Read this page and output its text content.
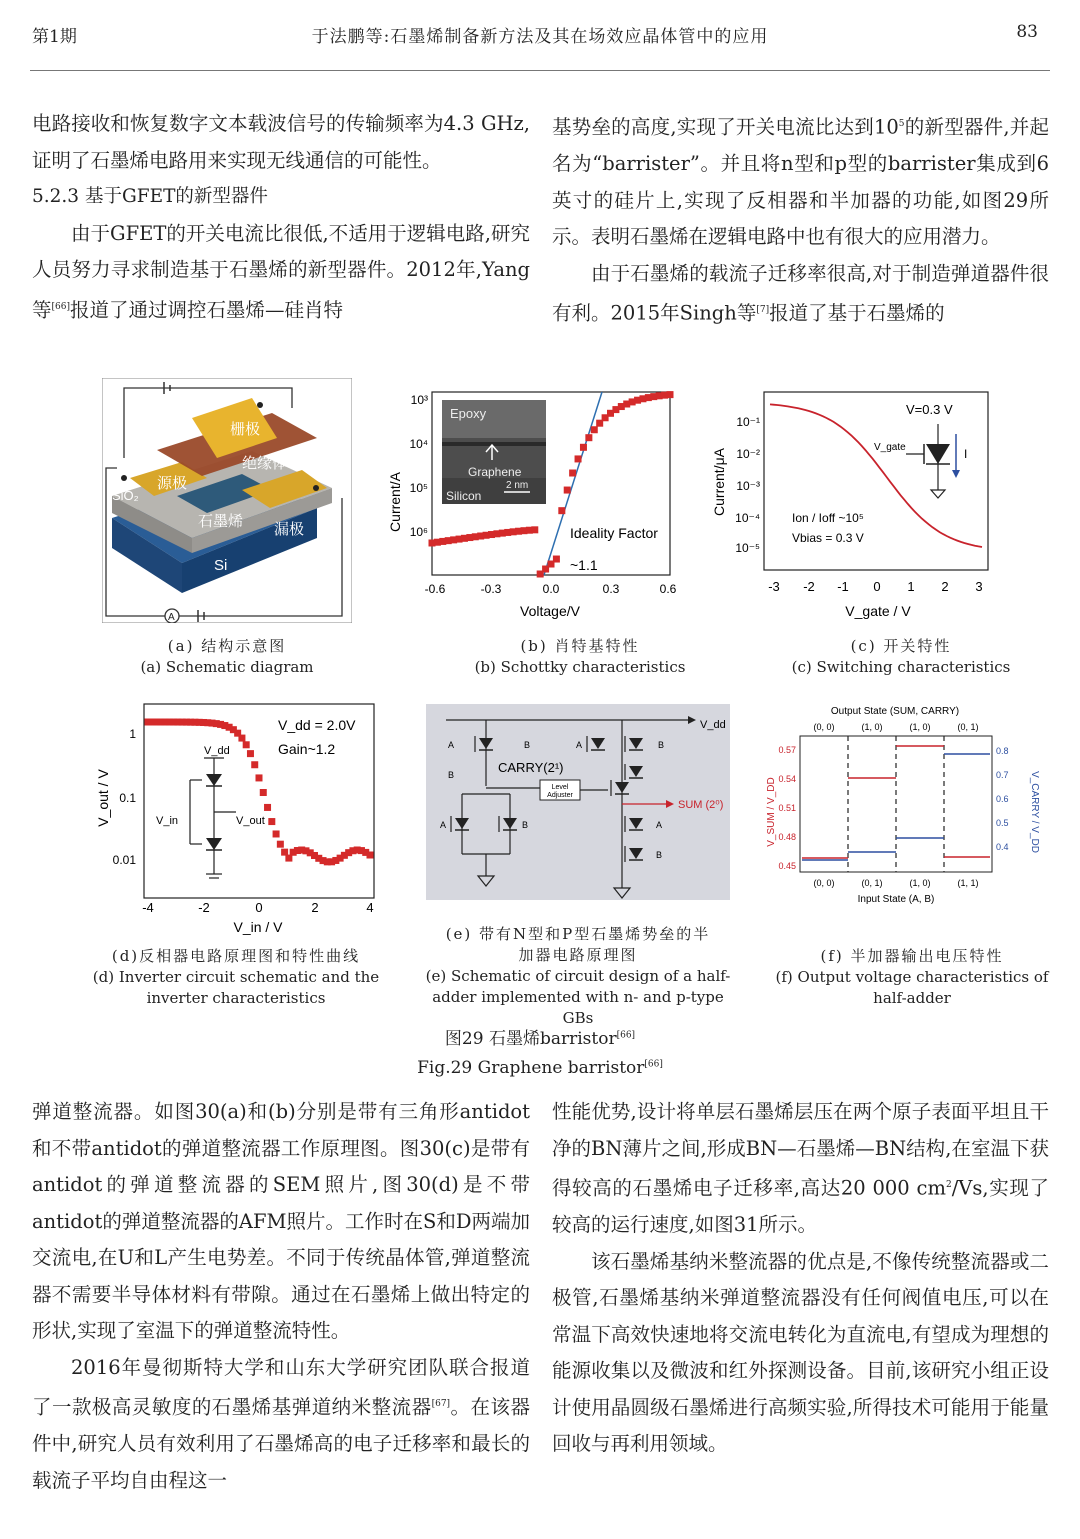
第1期	于法鹏等:石墨烯制备新方法及其在场效应晶体管中的应用	83

电路接收和恢复数字文本载波信号的传输频率为4.3 GHz,证明了石墨烯电路用来实现无线通信的可能性。

5.2.3 基于GFET的新型器件

由于GFET的开关电流比很低,不适用于逻辑电路,研究人员努力寻求制造基于石墨烯的新型器件。2012年,Yang等[66]报道了通过调控石墨烯—硅肖特

基势垒的高度,实现了开关电流比达到$10^5$的新型器件,并起名为“barrister”。并且将n型和p型的barrister集成到6英寸的硅片上,实现了反相器和半加器的功能,如图29所示。表明石墨烯在逻辑电路中也有很大的应用潜力。

由于石墨烯的载流子迁移率很高,对于制造弹道器件很有利。2015年Singh等[7]报道了基于石墨烯的

栅极
绝缘体
源极
SiO₂
石墨烯 漏极
Si
A
(a) 结构示意图
(a) Schematic diagram
Current/A
Voltage/V
10³
10⁴
10⁵
10⁶
-0.6	-0.3	0.0	0.3	0.6
Epoxy
Graphene
Silicon
2 nm
Ideality Factor
~1.1
(b) 肖特基特性
(b) Schottky characteristics
Current/μA
V_gate / V
10⁻¹
10⁻²
10⁻³
10⁻⁴
10⁻⁵
-3 -2 -1 0 1 2 3
V=0.3 V
V_gate	I
Ion / Ioff ~10⁵
Vbias = 0.3 V
(c) 开关特性
(c) Switching characteristics
V_out / V
V_in / V
1
0.1
0.01
-4	-2	0	2	4
V_dd = 2.0V
Gain~1.2
V_dd
V_in	V_out
(d)反相器电路原理图和特性曲线
(d) Inverter circuit schematic and the
inverter characteristics
V_dd
A	B
B
A	B
A	B	A
B
CARRY(2¹)
Level
Adjuster
SUM (2⁰)
(e) 带有N型和P型石墨烯势垒的半
加器电路原理图
(e) Schematic of circuit design of a half-
adder implemented with n- and p-type GBs
Output State (SUM, CARRY)
V_SUM / V_DD	V_CARRY / V_DD
0.57
0.54
0.51
0.48
0.45
0.8
0.7
0.6
0.5
0.4
(0, 0)	(1, 0)	(1, 0)	(0, 1)
(0, 0)	(0, 1)	(1, 0)	(1, 1)
Input State (A, B)
(f) 半加器输出电压特性
(f) Output voltage characteristics of
half-adder
图29 石墨烯barristor[66]
Fig.29 Graphene barristor[66]

弹道整流器。如图30(a)和(b)分别是带有三角形antidot和不带antidot的弹道整流器工作原理图。图30(c)是带有antidot的弹道整流器的SEM照片,图30(d)是不带antidot的弹道整流器的AFM照片。工作时在S和D两端加交流电,在U和L产生电势差。不同于传统晶体管,弹道整流器不需要半导体材料有带隙。通过在石墨烯上做出特定的形状,实现了室温下的弹道整流特性。

2016年曼彻斯特大学和山东大学研究团队联合报道了一款极高灵敏度的石墨烯基弹道纳米整流器[67]。在该器件中,研究人员有效利用了石墨烯高的电子迁移率和最长的载流子平均自由程这一

性能优势,设计将单层石墨烯层压在两个原子表面平坦且干净的BN薄片之间,形成BN—石墨烯—BN结构,在室温下获得较高的石墨烯电子迁移率,高达20 000 $cm^2/Vs$,实现了较高的运行速度,如图31所示。

该石墨烯基纳米整流器的优点是,不像传统整流器或二极管,石墨烯基纳米弹道整流器没有任何阀值电压,可以在常温下高效快速地将交流电转化为直流电,有望成为理想的能源收集以及微波和红外探测设备。目前,该研究小组正设计使用晶圆级石墨烯进行高频实验,所得技术可能用于能量回收与再利用领域。
